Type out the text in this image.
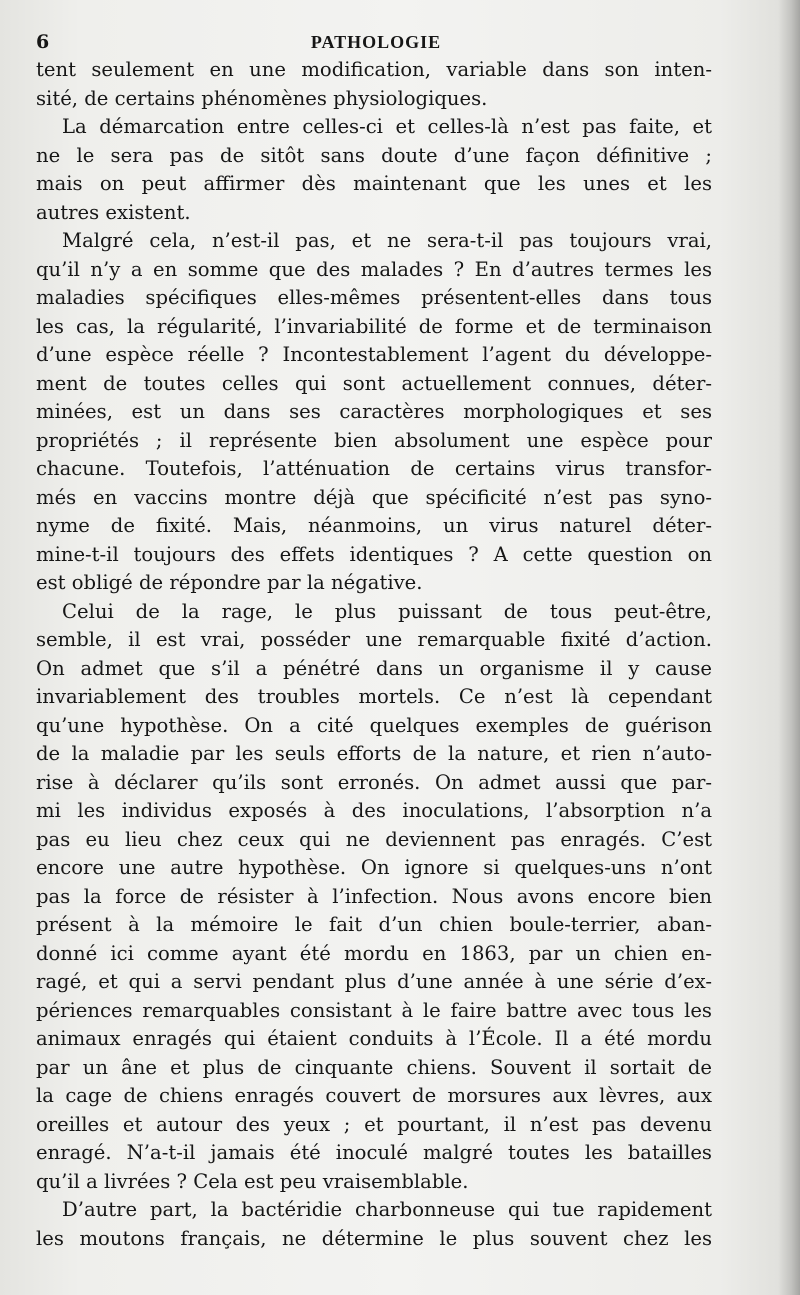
6	PATHOLOGIE
tent seulement en une modification, variable dans son inten-
sité, de certains phénomènes physiologiques.
La démarcation entre celles-ci et celles-là n’est pas faite, et
ne le sera pas de sitôt sans doute d’une façon définitive ;
mais on peut affirmer dès maintenant que les unes et les
autres existent.
Malgré cela, n’est-il pas, et ne sera-t-il pas toujours vrai,
qu’il n’y a en somme que des malades ? En d’autres termes les
maladies spécifiques elles-mêmes présentent-elles dans tous
les cas, la régularité, l’invariabilité de forme et de terminaison
d’une espèce réelle ? Incontestablement l’agent du développe-
ment de toutes celles qui sont actuellement connues, déter-
minées, est un dans ses caractères morphologiques et ses
propriétés ; il représente bien absolument une espèce pour
chacune. Toutefois, l’atténuation de certains virus transfor-
més en vaccins montre déjà que spécificité n’est pas syno-
nyme de fixité. Mais, néanmoins, un virus naturel déter-
mine-t-il toujours des effets identiques ? A cette question on
est obligé de répondre par la négative.
Celui de la rage, le plus puissant de tous peut-être,
semble, il est vrai, posséder une remarquable fixité d’action.
On admet que s’il a pénétré dans un organisme il y cause
invariablement des troubles mortels. Ce n’est là cependant
qu’une hypothèse. On a cité quelques exemples de guérison
de la maladie par les seuls efforts de la nature, et rien n’auto-
rise à déclarer qu’ils sont erronés. On admet aussi que par-
mi les individus exposés à des inoculations, l’absorption n’a
pas eu lieu chez ceux qui ne deviennent pas enragés. C’est
encore une autre hypothèse. On ignore si quelques-uns n’ont
pas la force de résister à l’infection. Nous avons encore bien
présent à la mémoire le fait d’un chien boule-terrier, aban-
donné ici comme ayant été mordu en 1863, par un chien en-
ragé, et qui a servi pendant plus d’une année à une série d’ex-
périences remarquables consistant à le faire battre avec tous les
animaux enragés qui étaient conduits à l’École. Il a été mordu
par un âne et plus de cinquante chiens. Souvent il sortait de
la cage de chiens enragés couvert de morsures aux lèvres, aux
oreilles et autour des yeux ; et pourtant, il n’est pas devenu
enragé. N’a-t-il jamais été inoculé malgré toutes les batailles
qu’il a livrées ? Cela est peu vraisemblable.
D’autre part, la bactéridie charbonneuse qui tue rapidement
les moutons français, ne détermine le plus souvent chez les
